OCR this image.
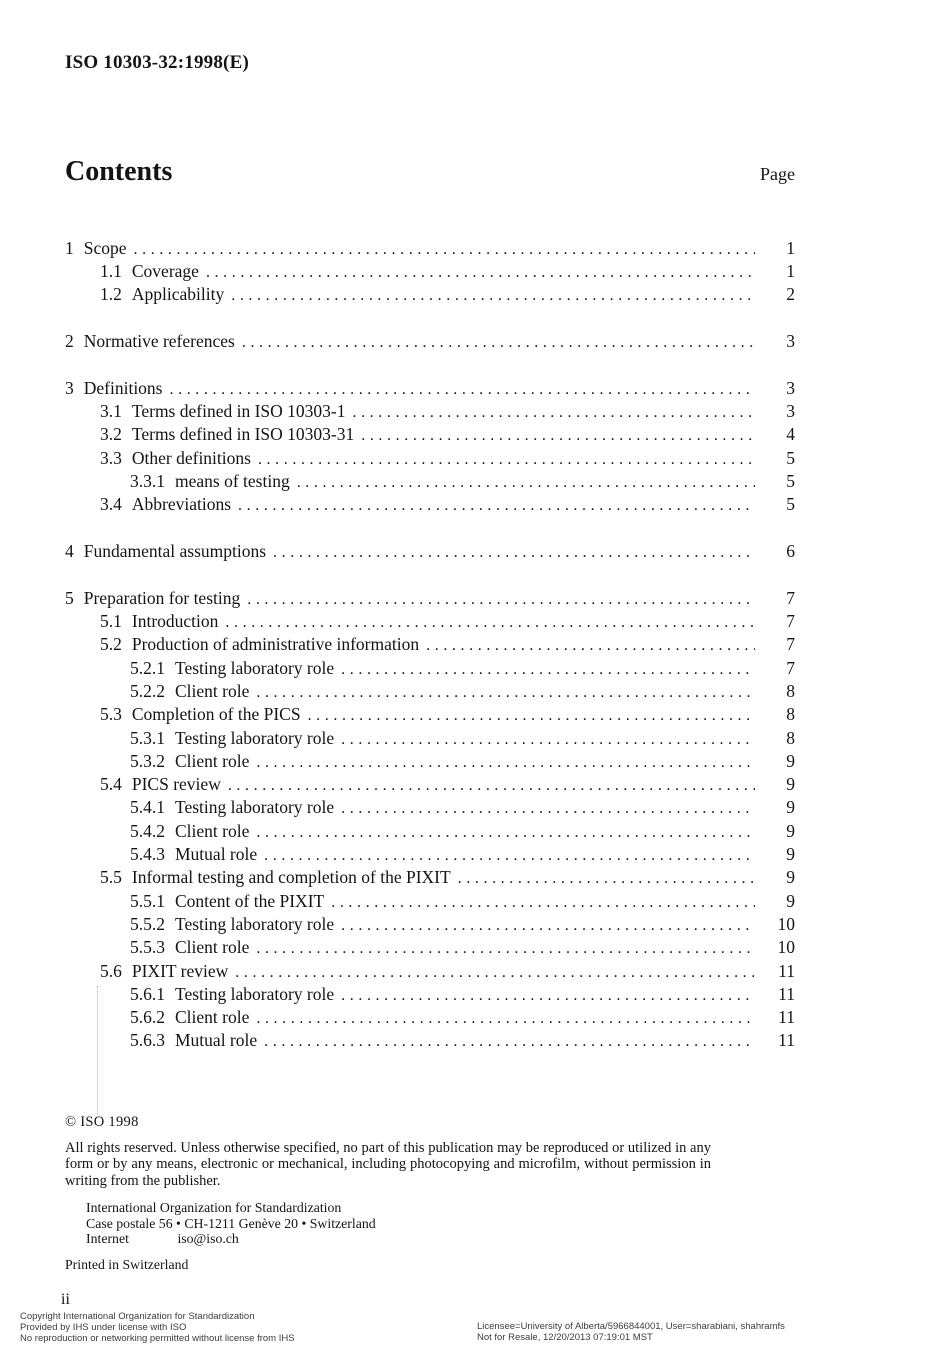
ISO 10303-32:1998(E)
Contents	Page
1 Scope .....	1
1.1 Coverage .....	1
1.2 Applicability .....	2
2 Normative references .....	3
3 Definitions .....	3
3.1 Terms defined in ISO 10303-1 .....	3
3.2 Terms defined in ISO 10303-31 .....	4
3.3 Other definitions .....	5
3.3.1 means of testing .....	5
3.4 Abbreviations .....	5
4 Fundamental assumptions .....	6
5 Preparation for testing .....	7
5.1 Introduction .....	7
5.2 Production of administrative information .....	7
5.2.1 Testing laboratory role .....	7
5.2.2 Client role .....	8
5.3 Completion of the PICS .....	8
5.3.1 Testing laboratory role .....	8
5.3.2 Client role .....	9
5.4 PICS review .....	9
5.4.1 Testing laboratory role .....	9
5.4.2 Client role .....	9
5.4.3 Mutual role .....	9
5.5 Informal testing and completion of the PIXIT .....	9
5.5.1 Content of the PIXIT .....	9
5.5.2 Testing laboratory role .....	10
5.5.3 Client role .....	10
5.6 PIXIT review .....	11
5.6.1 Testing laboratory role .....	11
5.6.2 Client role .....	11
5.6.3 Mutual role .....	11
© ISO 1998
All rights reserved. Unless otherwise specified, no part of this publication may be reproduced or utilized in any form or by any means, electronic or mechanical, including photocopying and microfilm, without permission in writing from the publisher.
International Organization for Standardization
Case postale 56 • CH-1211 Genève 20 • Switzerland
Internet	iso@iso.ch
Printed in Switzerland
ii
Copyright International Organization for Standardization
Provided by IHS under license with ISO
No reproduction or networking permitted without license from IHS
Licensee=University of Alberta/5966844001, User=sharabiani, shahramfs
Not for Resale, 12/20/2013 07:19:01 MST
